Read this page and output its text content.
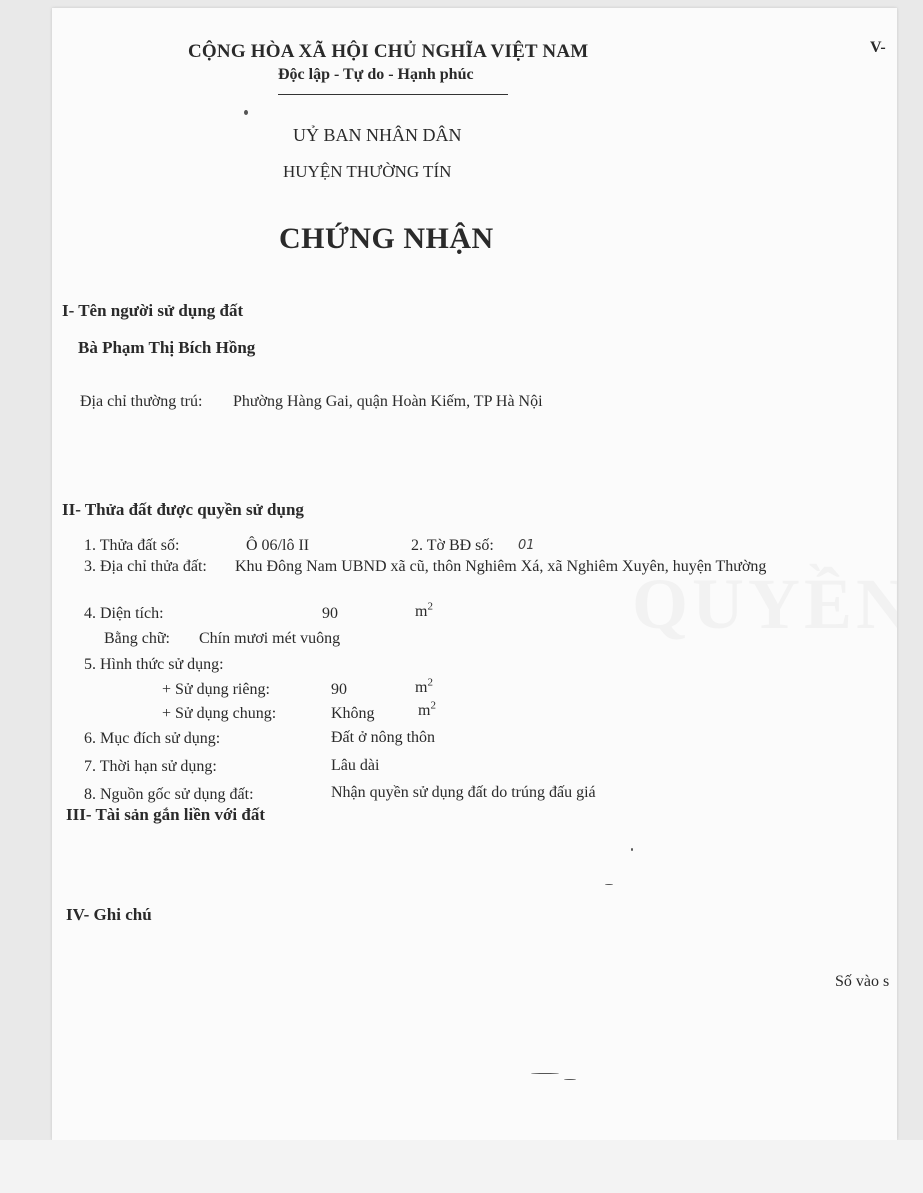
CỘNG HÒA XÃ HỘI CHỦ NGHĨA VIỆT NAM
Độc lập - Tự do - Hạnh phúc
V-
UỶ BAN NHÂN DÂN
HUYỆN THƯỜNG TÍN
CHỨNG NHẬN
I- Tên người sử dụng đất
Bà Phạm Thị Bích Hồng
Địa chỉ thường trú: Phường Hàng Gai, quận Hoàn Kiếm, TP Hà Nội
II- Thửa đất được quyền sử dụng
1. Thửa đất số:	Ô 06/lô II	2. Tờ BĐ số: 01
3. Địa chỉ thửa đất: Khu Đông Nam UBND xã cũ, thôn Nghiêm Xá, xã Nghiêm Xuyên, huyện Thường
4. Diện tích:	90	$m^2$
Bằng chữ: Chín mươi mét vuông
5. Hình thức sử dụng:
+ Sử dụng riêng:	90	$m^2$
+ Sử dụng chung:	Không	$m^2$
6. Mục đích sử dụng:	Đất ở nông thôn
7. Thời hạn sử dụng:	Lâu dài
8. Nguồn gốc sử dụng đất:	Nhận quyền sử dụng đất do trúng đấu giá
III- Tài sản gắn liền với đất
IV- Ghi chú
Số vào s
